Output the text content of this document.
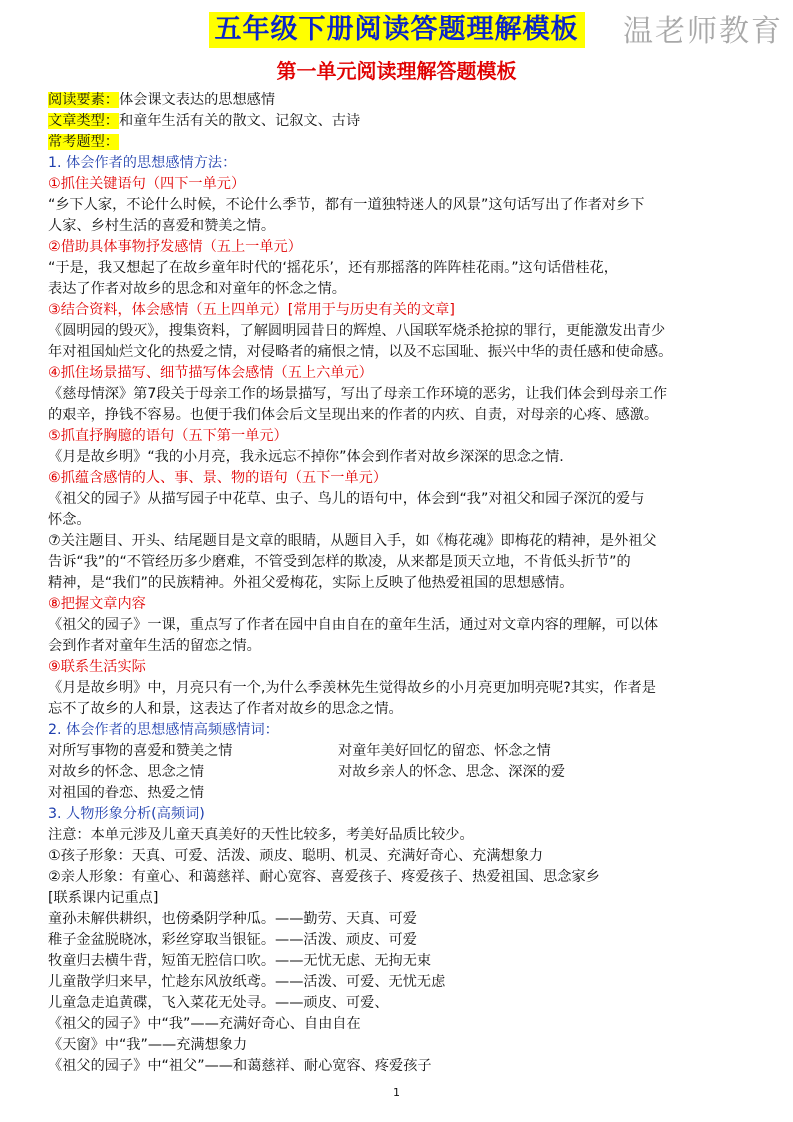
五年级下册阅读答题理解模板	温老师教育
第一单元阅读理解答题模板
阅读要素：体会课文表达的思想感情
文章类型：和童年生活有关的散文、记叙文、古诗
常考题型：
1. 体会作者的思想感情方法：
①抓住关键语句（四下一单元）
“乡下人家，不论什么时候，不论什么季节，都有一道独特迷人的风景”这句话写出了作者对乡下
人家、乡村生活的喜爱和赞美之情。
②借助具体事物抒发感情（五上一单元）
“于是，我又想起了在故乡童年时代的‘摇花乐’，还有那摇落的阵阵桂花雨。”这句话借桂花，
表达了作者对故乡的思念和对童年的怀念之情。
③结合资料，体会感情（五上四单元）[常用于与历史有关的文章]
《圆明园的毁灭》，搜集资料，了解圆明园昔日的辉煌、八国联军烧杀抢掠的罪行，更能激发出青少
年对祖国灿烂文化的热爱之情，对侵略者的痛恨之情，以及不忘国耻、振兴中华的责任感和使命感。
④抓住场景描写、细节描写体会感情（五上六单元）
《慈母情深》第7段关于母亲工作的场景描写，写出了母亲工作环境的恶劣，让我们体会到母亲工作
的艰辛，挣钱不容易。也便于我们体会后文呈现出来的作者的内疚、自责，对母亲的心疼、感激。
⑤抓直抒胸臆的语句（五下第一单元）
《月是故乡明》“我的小月亮，我永远忘不掉你”体会到作者对故乡深深的思念之情.
⑥抓蕴含感情的人、事、景、物的语句（五下一单元）
《祖父的园子》从描写园子中花草、虫子、鸟儿的语句中，体会到“我”对祖父和园子深沉的爱与
怀念。
⑦关注题目、开头、结尾题目是文章的眼睛，从题目入手，如《梅花魂》即梅花的精神，是外祖父
告诉“我”的“不管经历多少磨难，不管受到怎样的欺凌，从来都是顶天立地，不肯低头折节”的
精神，是“我们”的民族精神。外祖父爱梅花，实际上反映了他热爱祖国的思想感情。
⑧把握文章内容
《祖父的园子》一课，重点写了作者在园中自由自在的童年生活，通过对文章内容的理解，可以体
会到作者对童年生活的留恋之情。
⑨联系生活实际
《月是故乡明》中，月亮只有一个,为什么季羡林先生觉得故乡的小月亮更加明亮呢?其实，作者是
忘不了故乡的人和景，这表达了作者对故乡的思念之情。
2. 体会作者的思想感情高频感情词：
对所写事物的喜爱和赞美之情	对童年美好回忆的留恋、怀念之情
对故乡的怀念、思念之情	对故乡亲人的怀念、思念、深深的爱
对祖国的眷恋、热爱之情
3. 人物形象分析(高频词)
注意：本单元涉及儿童天真美好的天性比较多，考美好品质比较少。
①孩子形象：天真、可爱、活泼、顽皮、聪明、机灵、充满好奇心、充满想象力
②亲人形象：有童心、和蔼慈祥、耐心宽容、喜爱孩子、疼爱孩子、热爱祖国、思念家乡
[联系课内记重点]
童孙未解供耕织，也傍桑阴学种瓜。——勤劳、天真、可爱
稚子金盆脱晓冰，彩丝穿取当银钲。——活泼、顽皮、可爱
牧童归去横牛背，短笛无腔信口吹。——无忧无虑、无拘无束
儿童散学归来早，忙趁东风放纸鸢。——活泼、可爱、无忧无虑
儿童急走追黄碟，飞入菜花无处寻。——顽皮、可爱、
《祖父的园子》中“我”——充满好奇心、自由自在
《天窗》中“我”——充满想象力
《祖父的园子》中“祖父”——和蔼慈祥、耐心宽容、疼爱孩子
1
